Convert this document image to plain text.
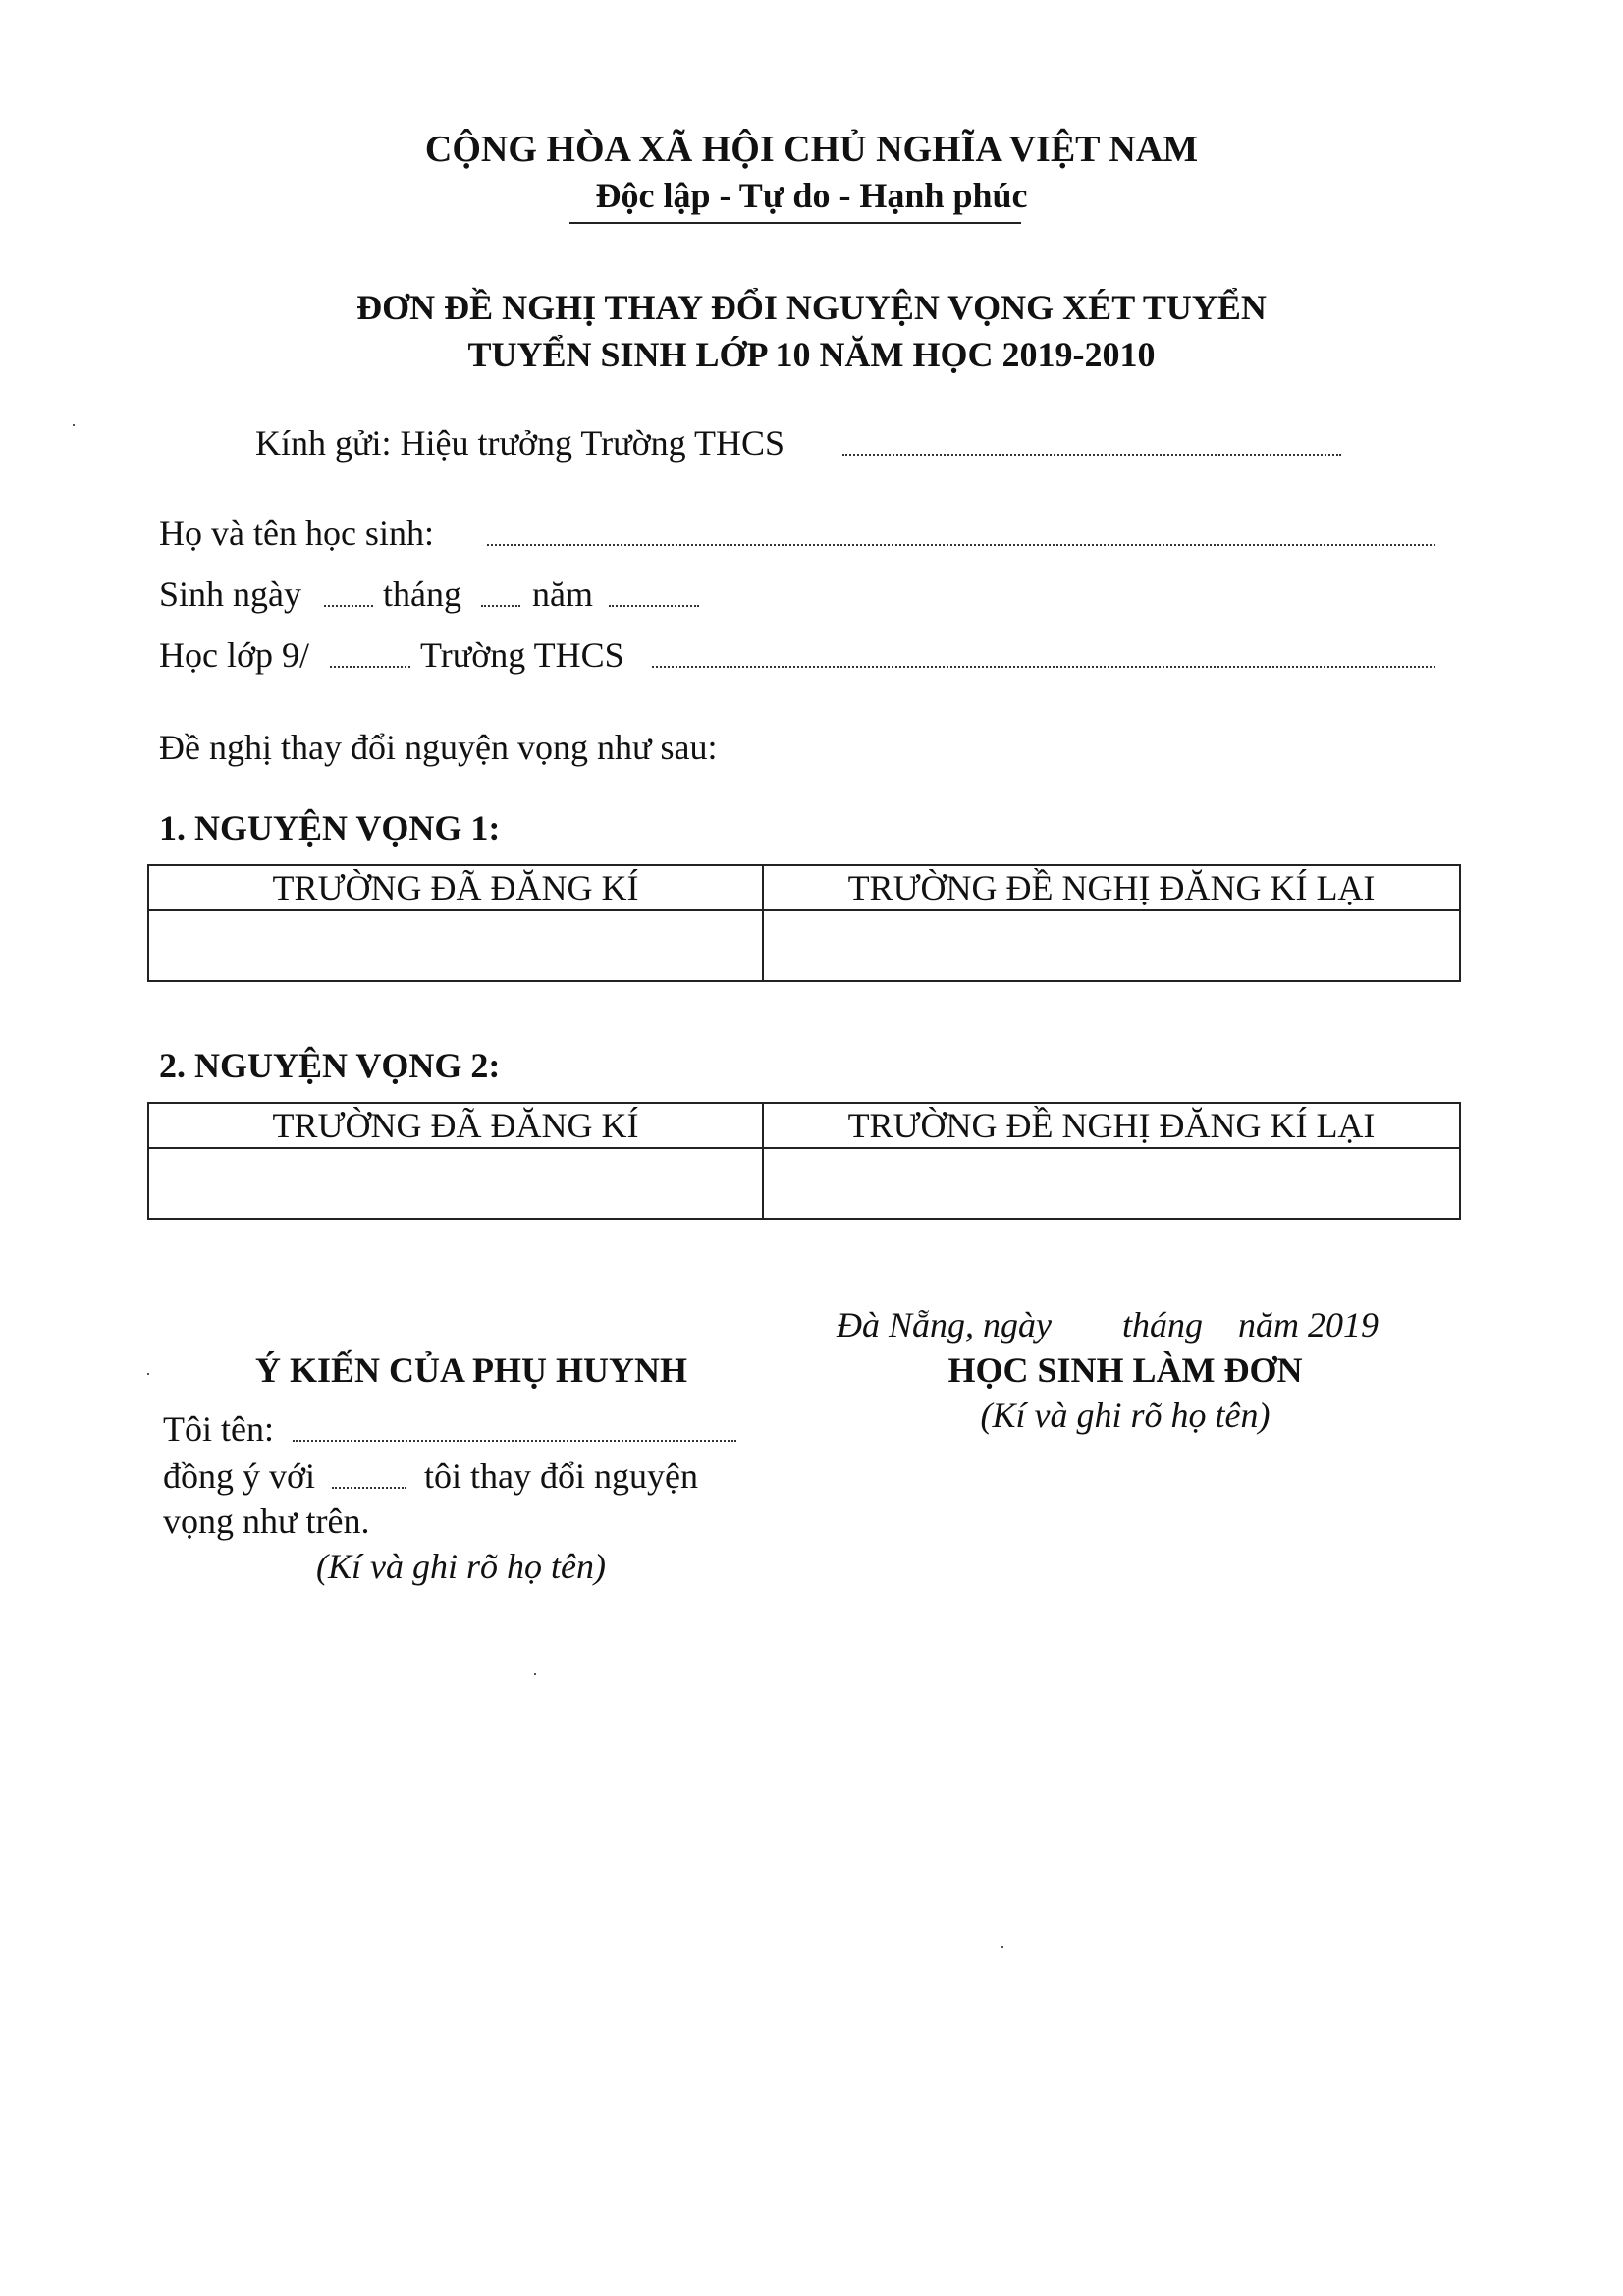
CỘNG HÒA XÃ HỘI CHỦ NGHĨA VIỆT NAM
Độc lập - Tự do - Hạnh phúc
ĐƠN ĐỀ NGHỊ THAY ĐỔI NGUYỆN VỌNG XÉT TUYỂN
TUYỂN SINH LỚP 10 NĂM HỌC 2019-2010
Kính gửi: Hiệu trưởng Trường THCS
Họ và tên học sinh:
Sinh ngày tháng năm
Học lớp 9/	Trường THCS
Đề nghị thay đổi nguyện vọng như sau:
1. NGUYỆN VỌNG 1:
TRƯỜNG ĐÃ ĐĂNG KÍ	TRƯỜNG ĐỀ NGHỊ ĐĂNG KÍ LẠI

2. NGUYỆN VỌNG 2:
TRƯỜNG ĐÃ ĐĂNG KÍ	TRƯỜNG ĐỀ NGHỊ ĐĂNG KÍ LẠI

Đà Nẵng, ngày        tháng    năm 2019
HỌC SINH LÀM ĐƠN
(Kí và ghi rõ họ tên)
Ý KIẾN CỦA PHỤ HUYNH
Tôi tên:
đồng ý với	tôi thay đổi nguyện
vọng như trên.
(Kí và ghi rõ họ tên)
